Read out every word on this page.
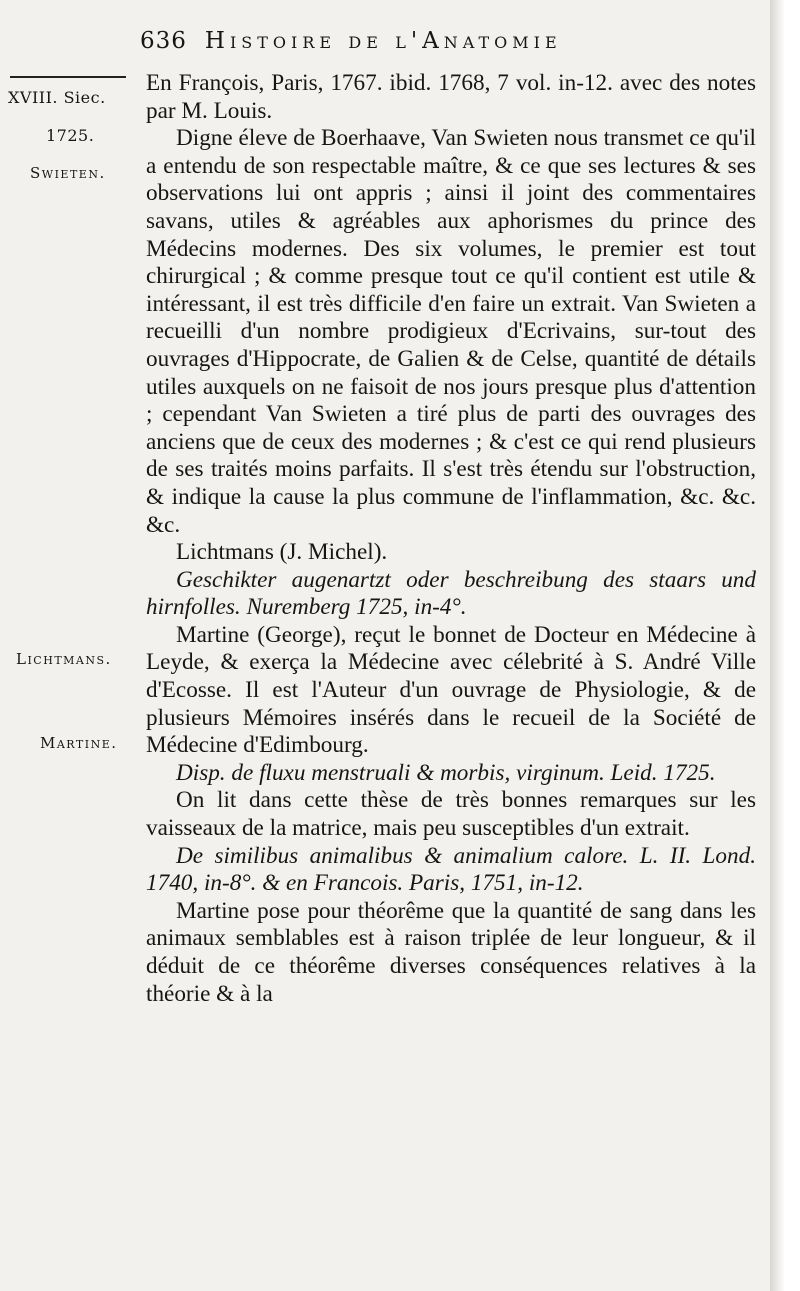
636 Histoire de l'Anatomie
XVIII. Siec.
1725.
Swieten.
Lichtmans.
Martine.

En François, Paris, 1767. ibid. 1768, 7 vol. in-12. avec des notes par M. Louis.

Digne éleve de Boerhaave, Van Swieten nous transmet ce qu'il a entendu de son respectable maître, & ce que ses lectures & ses observations lui ont appris ; ainsi il joint des commentaires savans, utiles & agréables aux aphorismes du prince des Médecins modernes. Des six volumes, le premier est tout chirurgical ; & comme presque tout ce qu'il contient est utile & intéressant, il est très difficile d'en faire un extrait. Van Swieten a recueilli d'un nombre prodigieux d'Ecrivains, sur-tout des ouvrages d'Hippocrate, de Galien & de Celse, quantité de détails utiles auxquels on ne faisoit de nos jours presque plus d'attention ; cependant Van Swieten a tiré plus de parti des ouvrages des anciens que de ceux des modernes ; & c'est ce qui rend plusieurs de ses traités moins parfaits. Il s'est très étendu sur l'obstruction, & indique la cause la plus commune de l'inflammation, &c. &c. &c.

Lichtmans (J. Michel).

Geschikter augenartzt oder beschreibung des staars und hirnfolles. Nuremberg 1725, in-4°.

Martine (George), reçut le bonnet de Docteur en Médecine à Leyde, & exerça la Médecine avec célebrité à S. André Ville d'Ecosse. Il est l'Auteur d'un ouvrage de Physiologie, & de plusieurs Mémoires insérés dans le recueil de la Société de Médecine d'Edimbourg.

Disp. de fluxu menstruali & morbis, virginum. Leid. 1725.

On lit dans cette thèse de très bonnes remarques sur les vaisseaux de la matrice, mais peu susceptibles d'un extrait.

De similibus animalibus & animalium calore. L. II. Lond. 1740, in-8°. & en Francois. Paris, 1751, in-12.

Martine pose pour théorême que la quantité de sang dans les animaux semblables est à raison triplée de leur longueur, & il déduit de ce théorême diverses conséquences relatives à la théorie & à la
